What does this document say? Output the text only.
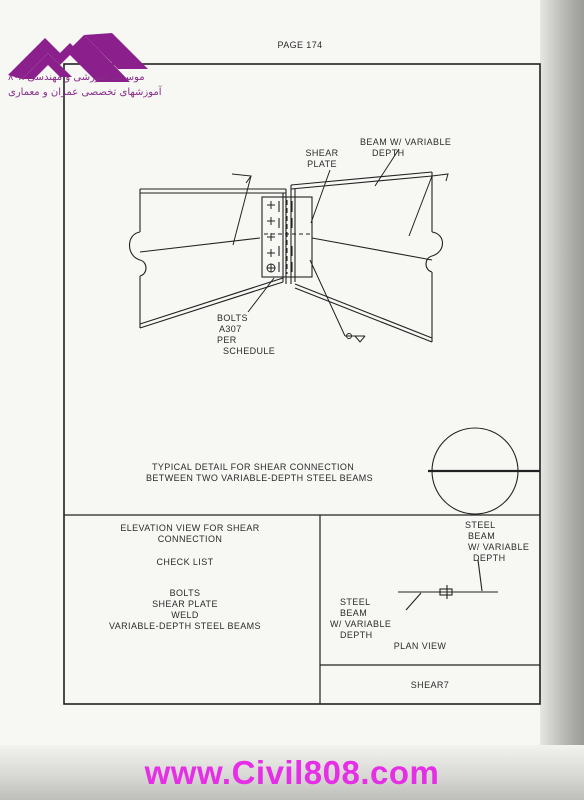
موسسه آموزشی و مهندسی ۸۰۸
آموزشهای تخصصی عمران و معماری
PAGE 174
SHEAR
PLATE
BEAM W/ VARIABLE
DEPTH
BOLTS
A307
PER
SCHEDULE
TYPICAL DETAIL FOR SHEAR CONNECTION
BETWEEN TWO VARIABLE-DEPTH STEEL BEAMS
ELEVATION VIEW FOR SHEAR
CONNECTION
CHECK LIST
BOLTS
SHEAR PLATE
WELD
VARIABLE-DEPTH STEEL BEAMS
STEEL
BEAM
W/ VARIABLE
DEPTH
STEEL
BEAM
W/ VARIABLE
DEPTH
PLAN VIEW
SHEAR7
www.Civil808.com
